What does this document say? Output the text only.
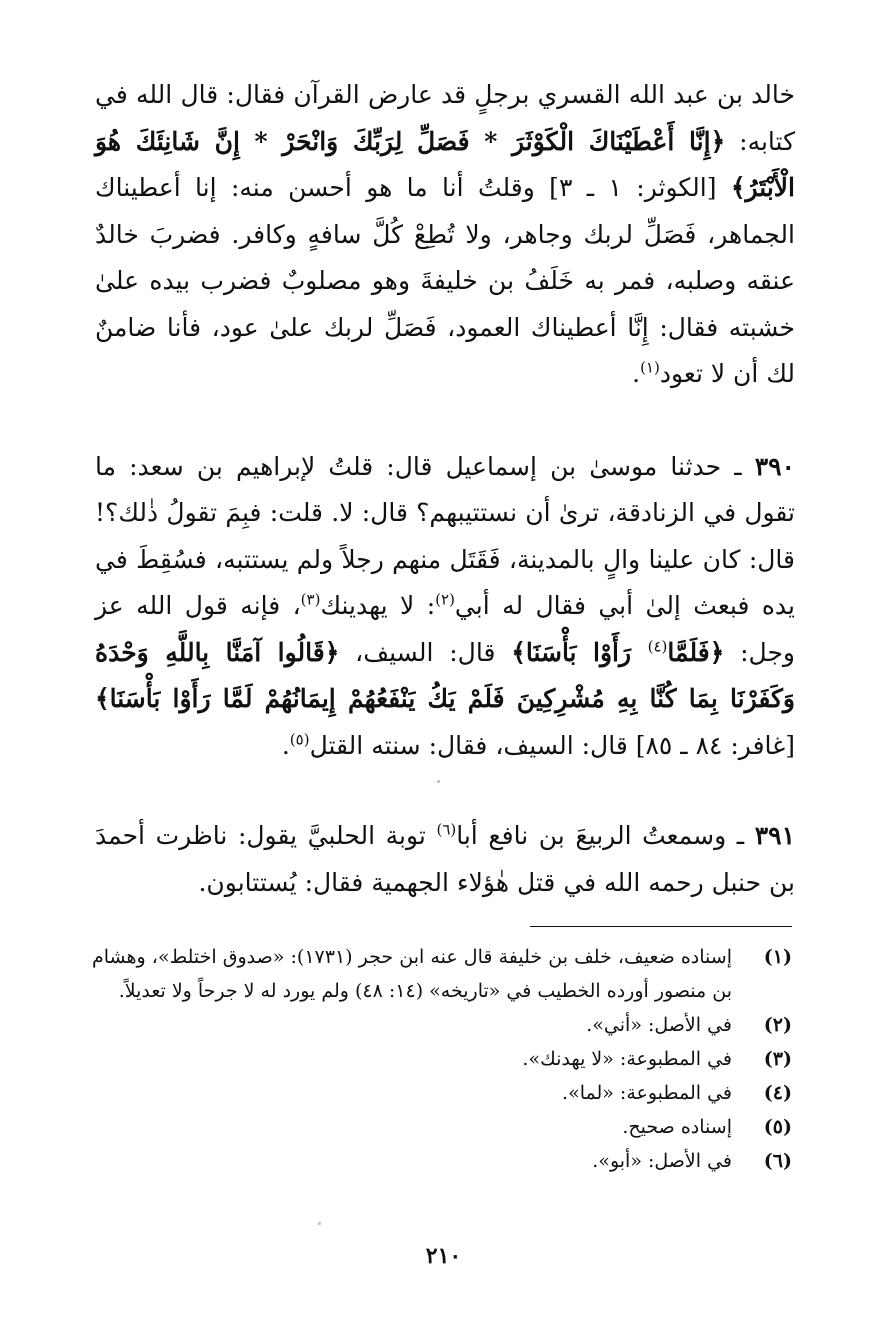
خالد بن عبد الله القسري برجلٍ قد عارض القرآن فقال: قال الله في كتابه: ﴿إِنَّا أَعْطَيْنَاكَ الْكَوْثَرَ * فَصَلِّ لِرَبِّكَ وَانْحَرْ * إِنَّ شَانِئَكَ هُوَ الْأَبْتَرُ﴾ [الكوثر: ١ ـ ٣] وقلتُ أنا ما هو أحسن منه: إنا أعطيناك الجماهر، فَصَلِّ لربك وجاهر، ولا تُطِعْ كُلَّ سافهٍ وكافر. فضربَ خالدٌ عنقه وصلبه، فمر به خَلَفُ بن خليفةَ وهو مصلوبٌ فضرب بيده علىٰ خشبته فقال: إِنَّا أعطيناك العمود، فَصَلِّ لربك علىٰ عود، فأنا ضامنٌ لك أن لا تعود$^{(١)}$.

٣٩٠ ـ حدثنا موسىٰ بن إسماعيل قال: قلتُ لإبراهيم بن سعد: ما تقول في الزنادقة، ترىٰ أن نستتيبهم؟ قال: لا. قلت: فبِمَ تقولُ ذٰلك؟! قال: كان علينا والٍ بالمدينة، فَقَتَل منهم رجلاً ولم يستتبه، فسُقِطَ في يده فبعث إلىٰ أبي فقال له أبي$^{(٢)}$: لا يهدينك$^{(٣)}$، فإنه قول الله عز وجل: ﴿فَلَمَّا$^{(٤)}$ رَأَوْا بَأْسَنَا﴾ قال: السيف، ﴿قَالُوا آمَنَّا بِاللَّهِ وَحْدَهُ وَكَفَرْنَا بِمَا كُنَّا بِهِ مُشْرِكِينَ فَلَمْ يَكُ يَنْفَعُهُمْ إِيمَانُهُمْ لَمَّا رَأَوْا بَأْسَنَا﴾ [غافر: ٨٤ ـ ٨٥] قال: السيف، فقال: سنته القتل$^{(٥)}$.

٣٩١ ـ وسمعتُ الربيعَ بن نافع أبا$^{(٦)}$ توبة الحلبيَّ يقول: ناظرت أحمدَ بن حنبل رحمه الله في قتل هٰؤلاء الجهمية فقال: يُستتابون.

(١)
إسناده ضعيف، خلف بن خليفة قال عنه ابن حجر (١٧٣١): «صدوق اختلط»، وهشام بن منصور أورده الخطيب في «تاريخه» (١٤: ٤٨) ولم يورد له لا جرحاً ولا تعديلاً.
(٢)
في الأصل: «أني».
(٣)
في المطبوعة: «لا يهدنك».
(٤)
في المطبوعة: «لما».
(٥)
إسناده صحيح.
(٦)
في الأصل: «أبو».
٢١٠
